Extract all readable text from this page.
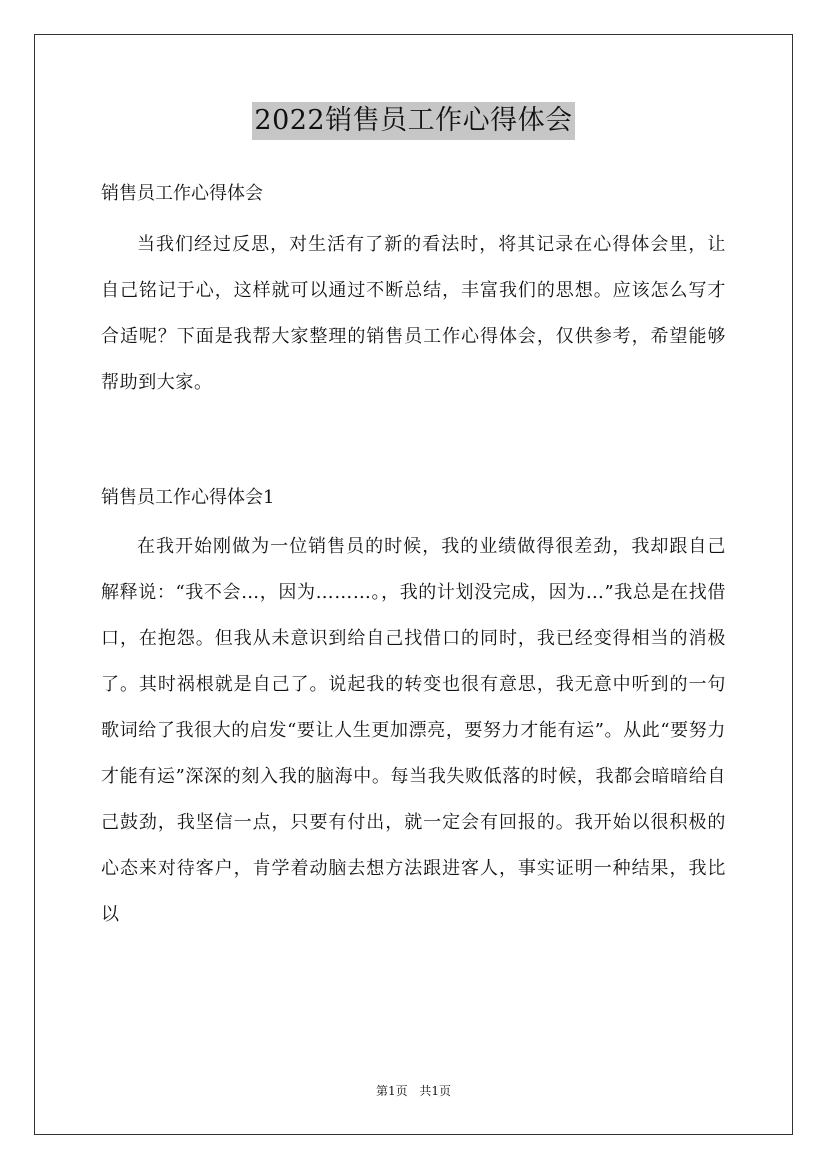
2022销售员工作心得体会

销售员工作心得体会

当我们经过反思，对生活有了新的看法时，将其记录在心得体会里，让自己铭记于心，这样就可以通过不断总结，丰富我们的思想。应该怎么写才合适呢？下面是我帮大家整理的销售员工作心得体会，仅供参考，希望能够帮助到大家。

销售员工作心得体会1

在我开始刚做为一位销售员的时候，我的业绩做得很差劲，我却跟自己解释说：“我不会…，因为………。，我的计划没完成，因为…”我总是在找借口，在抱怨。但我从未意识到给自己找借口的同时，我已经变得相当的消极了。其时祸根就是自己了。说起我的转变也很有意思，我无意中听到的一句歌词给了我很大的启发“要让人生更加漂亮，要努力才能有运”。从此“要努力才能有运”深深的刻入我的脑海中。每当我失败低落的时候，我都会暗暗给自己鼓劲，我坚信一点，只要有付出，就一定会有回报的。我开始以很积极的心态来对待客户，肯学着动脑去想方法跟进客人，事实证明一种结果，我比以

第1页 共1页
